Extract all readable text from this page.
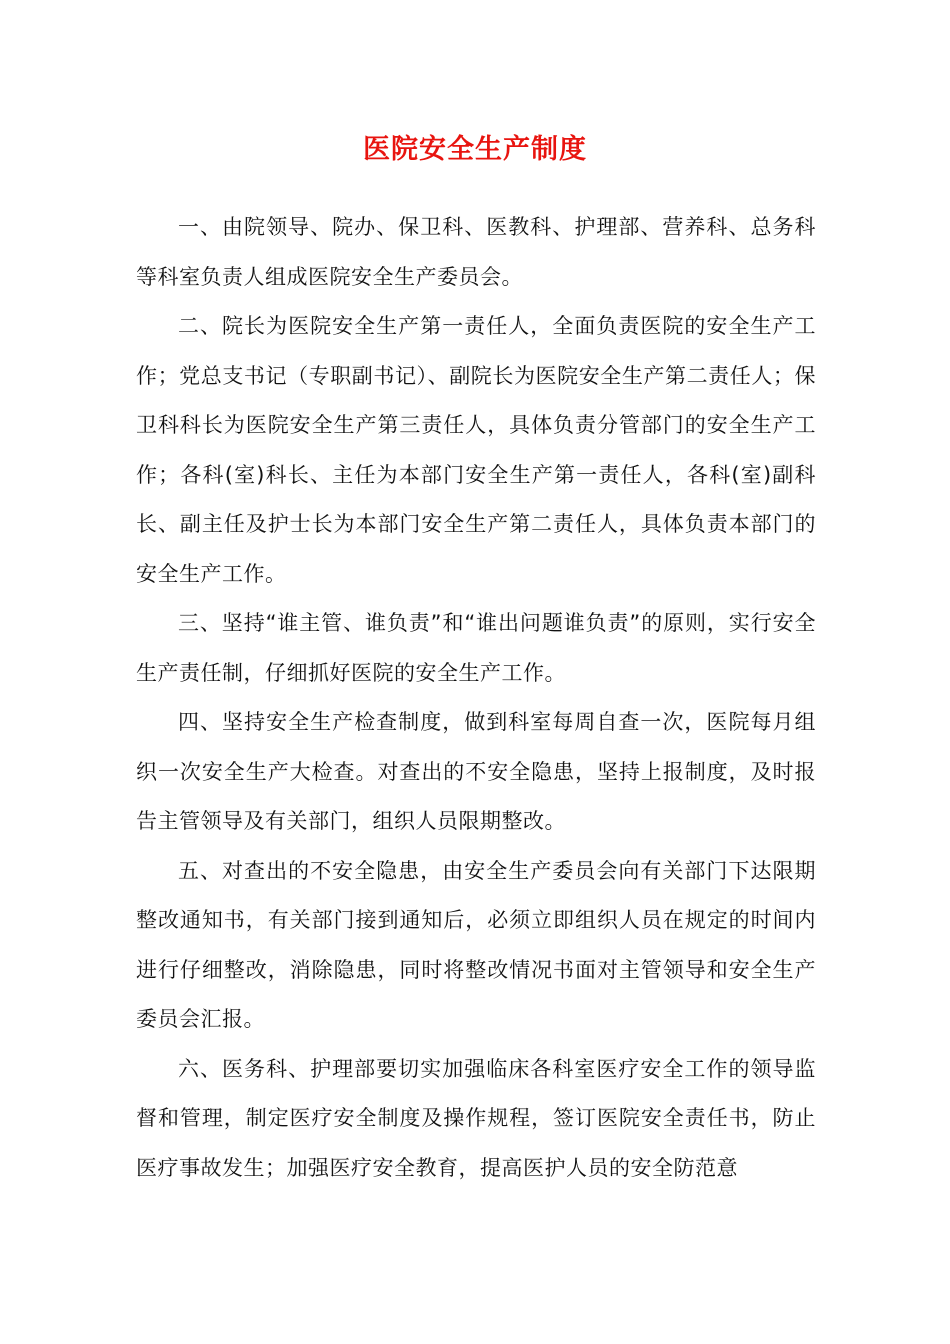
医院安全生产制度

一、由院领导、院办、保卫科、医教科、护理部、营养科、总务科等科室负责人组成医院安全生产委员会。

二、院长为医院安全生产第一责任人，全面负责医院的安全生产工作；党总支书记（专职副书记）、副院长为医院安全生产第二责任人；保卫科科长为医院安全生产第三责任人，具体负责分管部门的安全生产工作；各科(室)科长、主任为本部门安全生产第一责任人，各科(室)副科长、副主任及护士长为本部门安全生产第二责任人，具体负责本部门的安全生产工作。

三、坚持“谁主管、谁负责”和“谁出问题谁负责”的原则，实行安全生产责任制，仔细抓好医院的安全生产工作。

四、坚持安全生产检查制度，做到科室每周自查一次，医院每月组织一次安全生产大检查。对查出的不安全隐患，坚持上报制度，及时报告主管领导及有关部门，组织人员限期整改。

五、对查出的不安全隐患，由安全生产委员会向有关部门下达限期整改通知书，有关部门接到通知后，必须立即组织人员在规定的时间内进行仔细整改，消除隐患，同时将整改情况书面对主管领导和安全生产委员会汇报。

六、医务科、护理部要切实加强临床各科室医疗安全工作的领导监督和管理，制定医疗安全制度及操作规程，签订医院安全责任书，防止医疗事故发生；加强医疗安全教育，提高医护人员的安全防范意
